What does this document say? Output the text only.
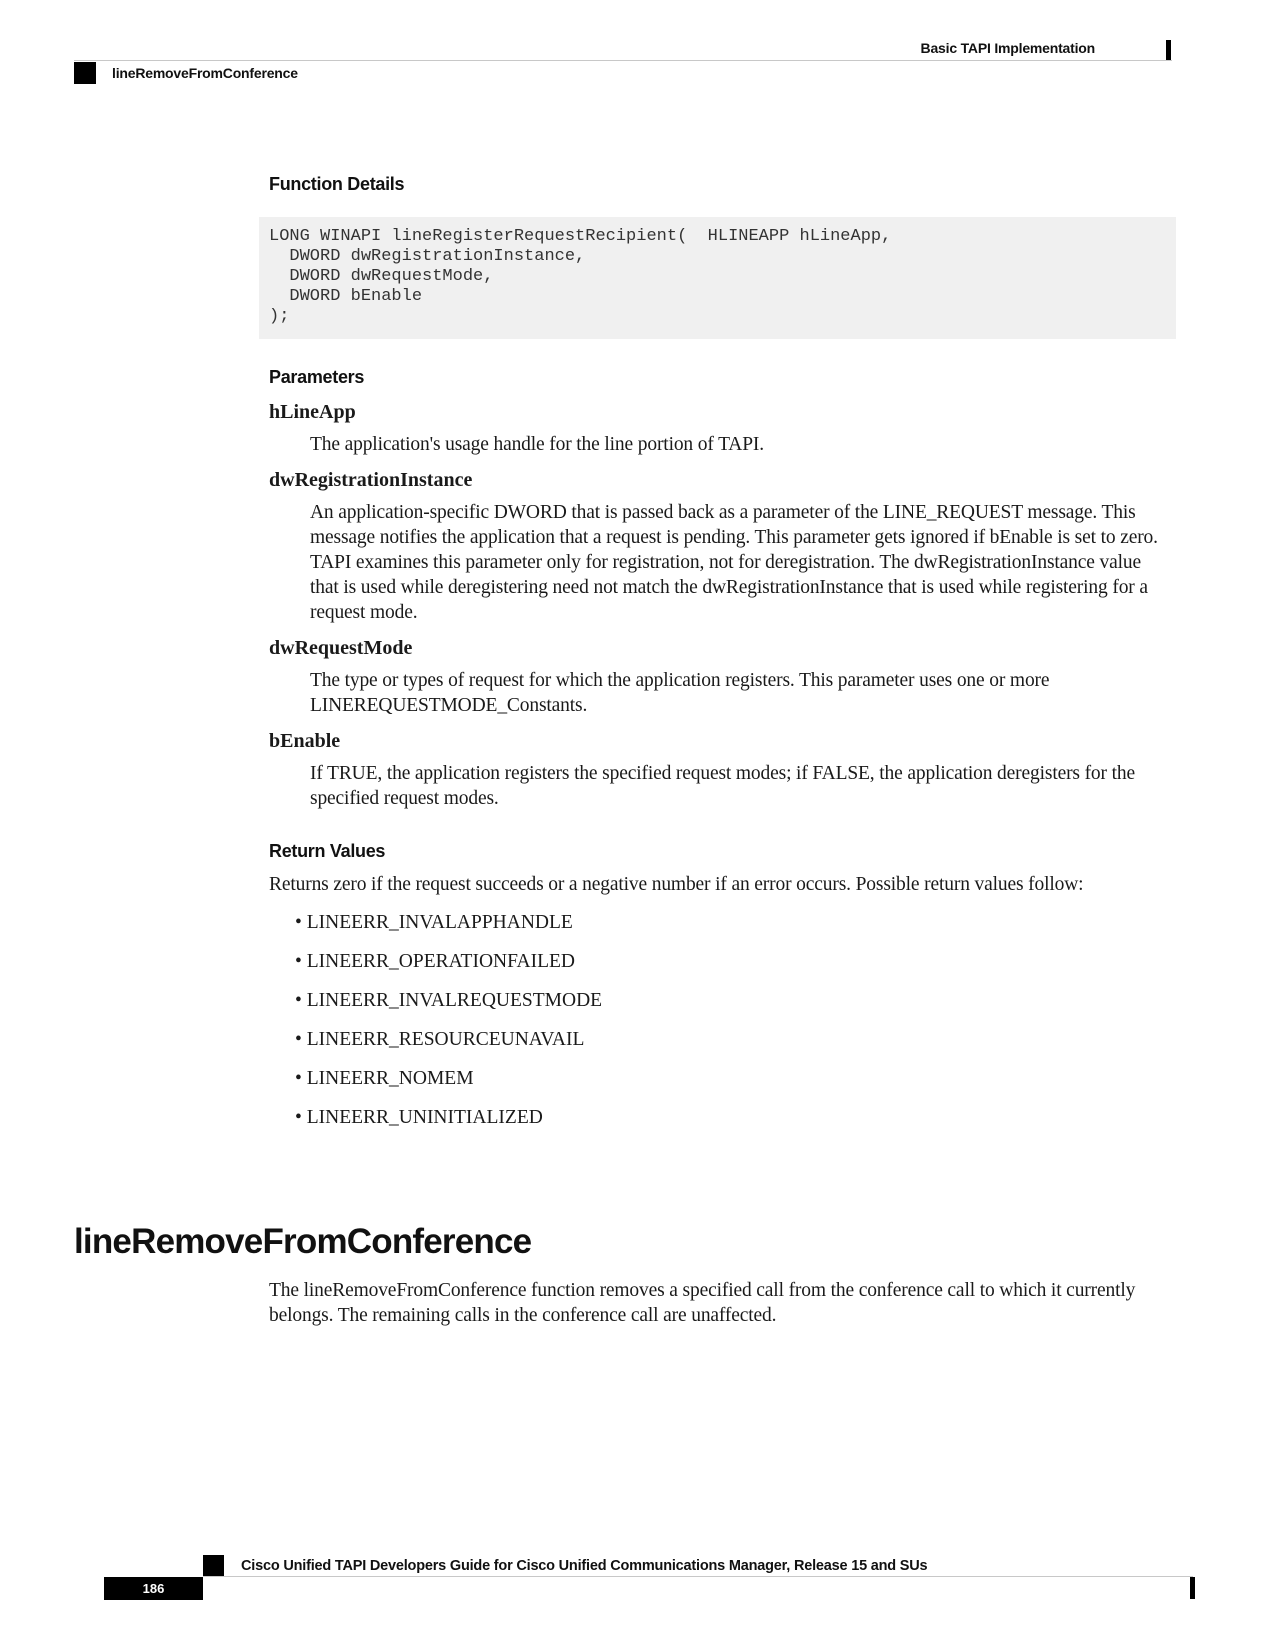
Basic TAPI Implementation
lineRemoveFromConference
Function Details
LONG WINAPI lineRegisterRequestRecipient(  HLINEAPP hLineApp,
DWORD dwRegistrationInstance,
DWORD dwRequestMode,
DWORD bEnable
);
Parameters
hLineApp
The application's usage handle for the line portion of TAPI.
dwRegistrationInstance
An application-specific DWORD that is passed back as a parameter of the LINE_REQUEST message. This message notifies the application that a request is pending. This parameter gets ignored if bEnable is set to zero. TAPI examines this parameter only for registration, not for deregistration. The dwRegistrationInstance value that is used while deregistering need not match the dwRegistrationInstance that is used while registering for a request mode.
dwRequestMode
The type or types of request for which the application registers. This parameter uses one or more LINEREQUESTMODE_Constants.
bEnable
If TRUE, the application registers the specified request modes; if FALSE, the application deregisters for the specified request modes.
Return Values

Returns zero if the request succeeds or a negative number if an error occurs. Possible return values follow:

• LINEERR_INVALAPPHANDLE
• LINEERR_OPERATIONFAILED
• LINEERR_INVALREQUESTMODE
• LINEERR_RESOURCEUNAVAIL
• LINEERR_NOMEM
• LINEERR_UNINITIALIZED
lineRemoveFromConference

The lineRemoveFromConference function removes a specified call from the conference call to which it currently belongs. The remaining calls in the conference call are unaffected.

Cisco Unified TAPI Developers Guide for Cisco Unified Communications Manager, Release 15 and SUs
186
